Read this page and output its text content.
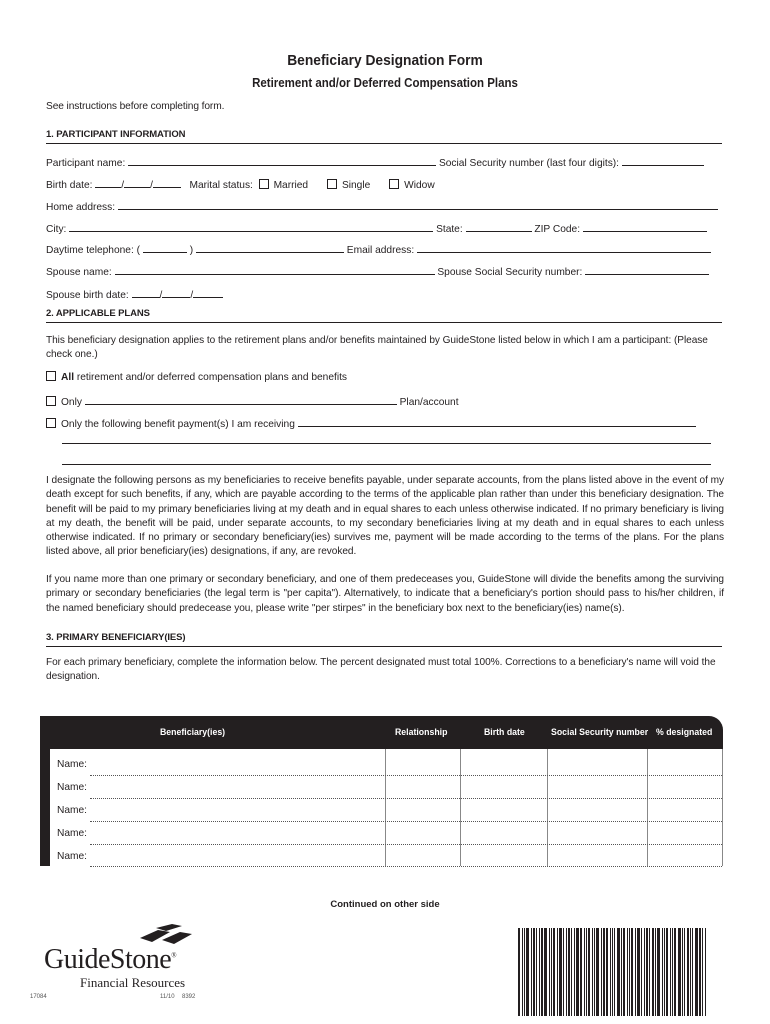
Beneficiary Designation Form
Retirement and/or Deferred Compensation Plans
See instructions before completing form.
1. PARTICIPANT INFORMATION
Participant name:	Social Security number (last four digits):
Birth date:	/	/	Marital status: Married	Single	Widow
Home address:
City:	State:	ZIP Code:
Daytime telephone: (	)	Email address:
Spouse name:	Spouse Social Security number:
Spouse birth date:	/	/
2. APPLICABLE PLANS
This beneficiary designation applies to the retirement plans and/or benefits maintained by GuideStone listed below in which I am a participant: (Please check one.)
All retirement and/or deferred compensation plans and benefits
Only	Plan/account
Only the following benefit payment(s) I am receiving
I designate the following persons as my beneficiaries to receive benefits payable, under separate accounts, from the plans listed above in the event of my death except for such benefits, if any, which are payable according to the terms of the applicable plan rather than under this beneficiary designation. The benefit will be paid to my primary beneficiaries living at my death and in equal shares to each unless otherwise indicated. If no primary beneficiary is living at my death, the benefit will be paid, under separate accounts, to my secondary beneficiaries living at my death and in equal shares to each unless otherwise indicated. If no primary or secondary beneficiary(ies) survives me, payment will be made according to the terms of the plans. For the plans listed above, all prior beneficiary(ies) designations, if any, are revoked.
If you name more than one primary or secondary beneficiary, and one of them predeceases you, GuideStone will divide the benefits among the surviving primary or secondary beneficiaries (the legal term is "per capita"). Alternatively, to indicate that a beneficiary's portion should pass to his/her children, if the named beneficiary should predecease you, please write "per stirpes" in the beneficiary box next to the beneficiary(ies) name(s).
3. PRIMARY BENEFICIARY(IES)
For each primary beneficiary, complete the information below. The percent designated must total 100%. Corrections to a beneficiary's name will void the designation.
Beneficiary(ies)	Relationship	Birth date	Social Security number % designated
Name:
Name:
Name:
Name:
Name:
Continued on other side
GuideStone®
Financial Resources
17084	11/10 8392
